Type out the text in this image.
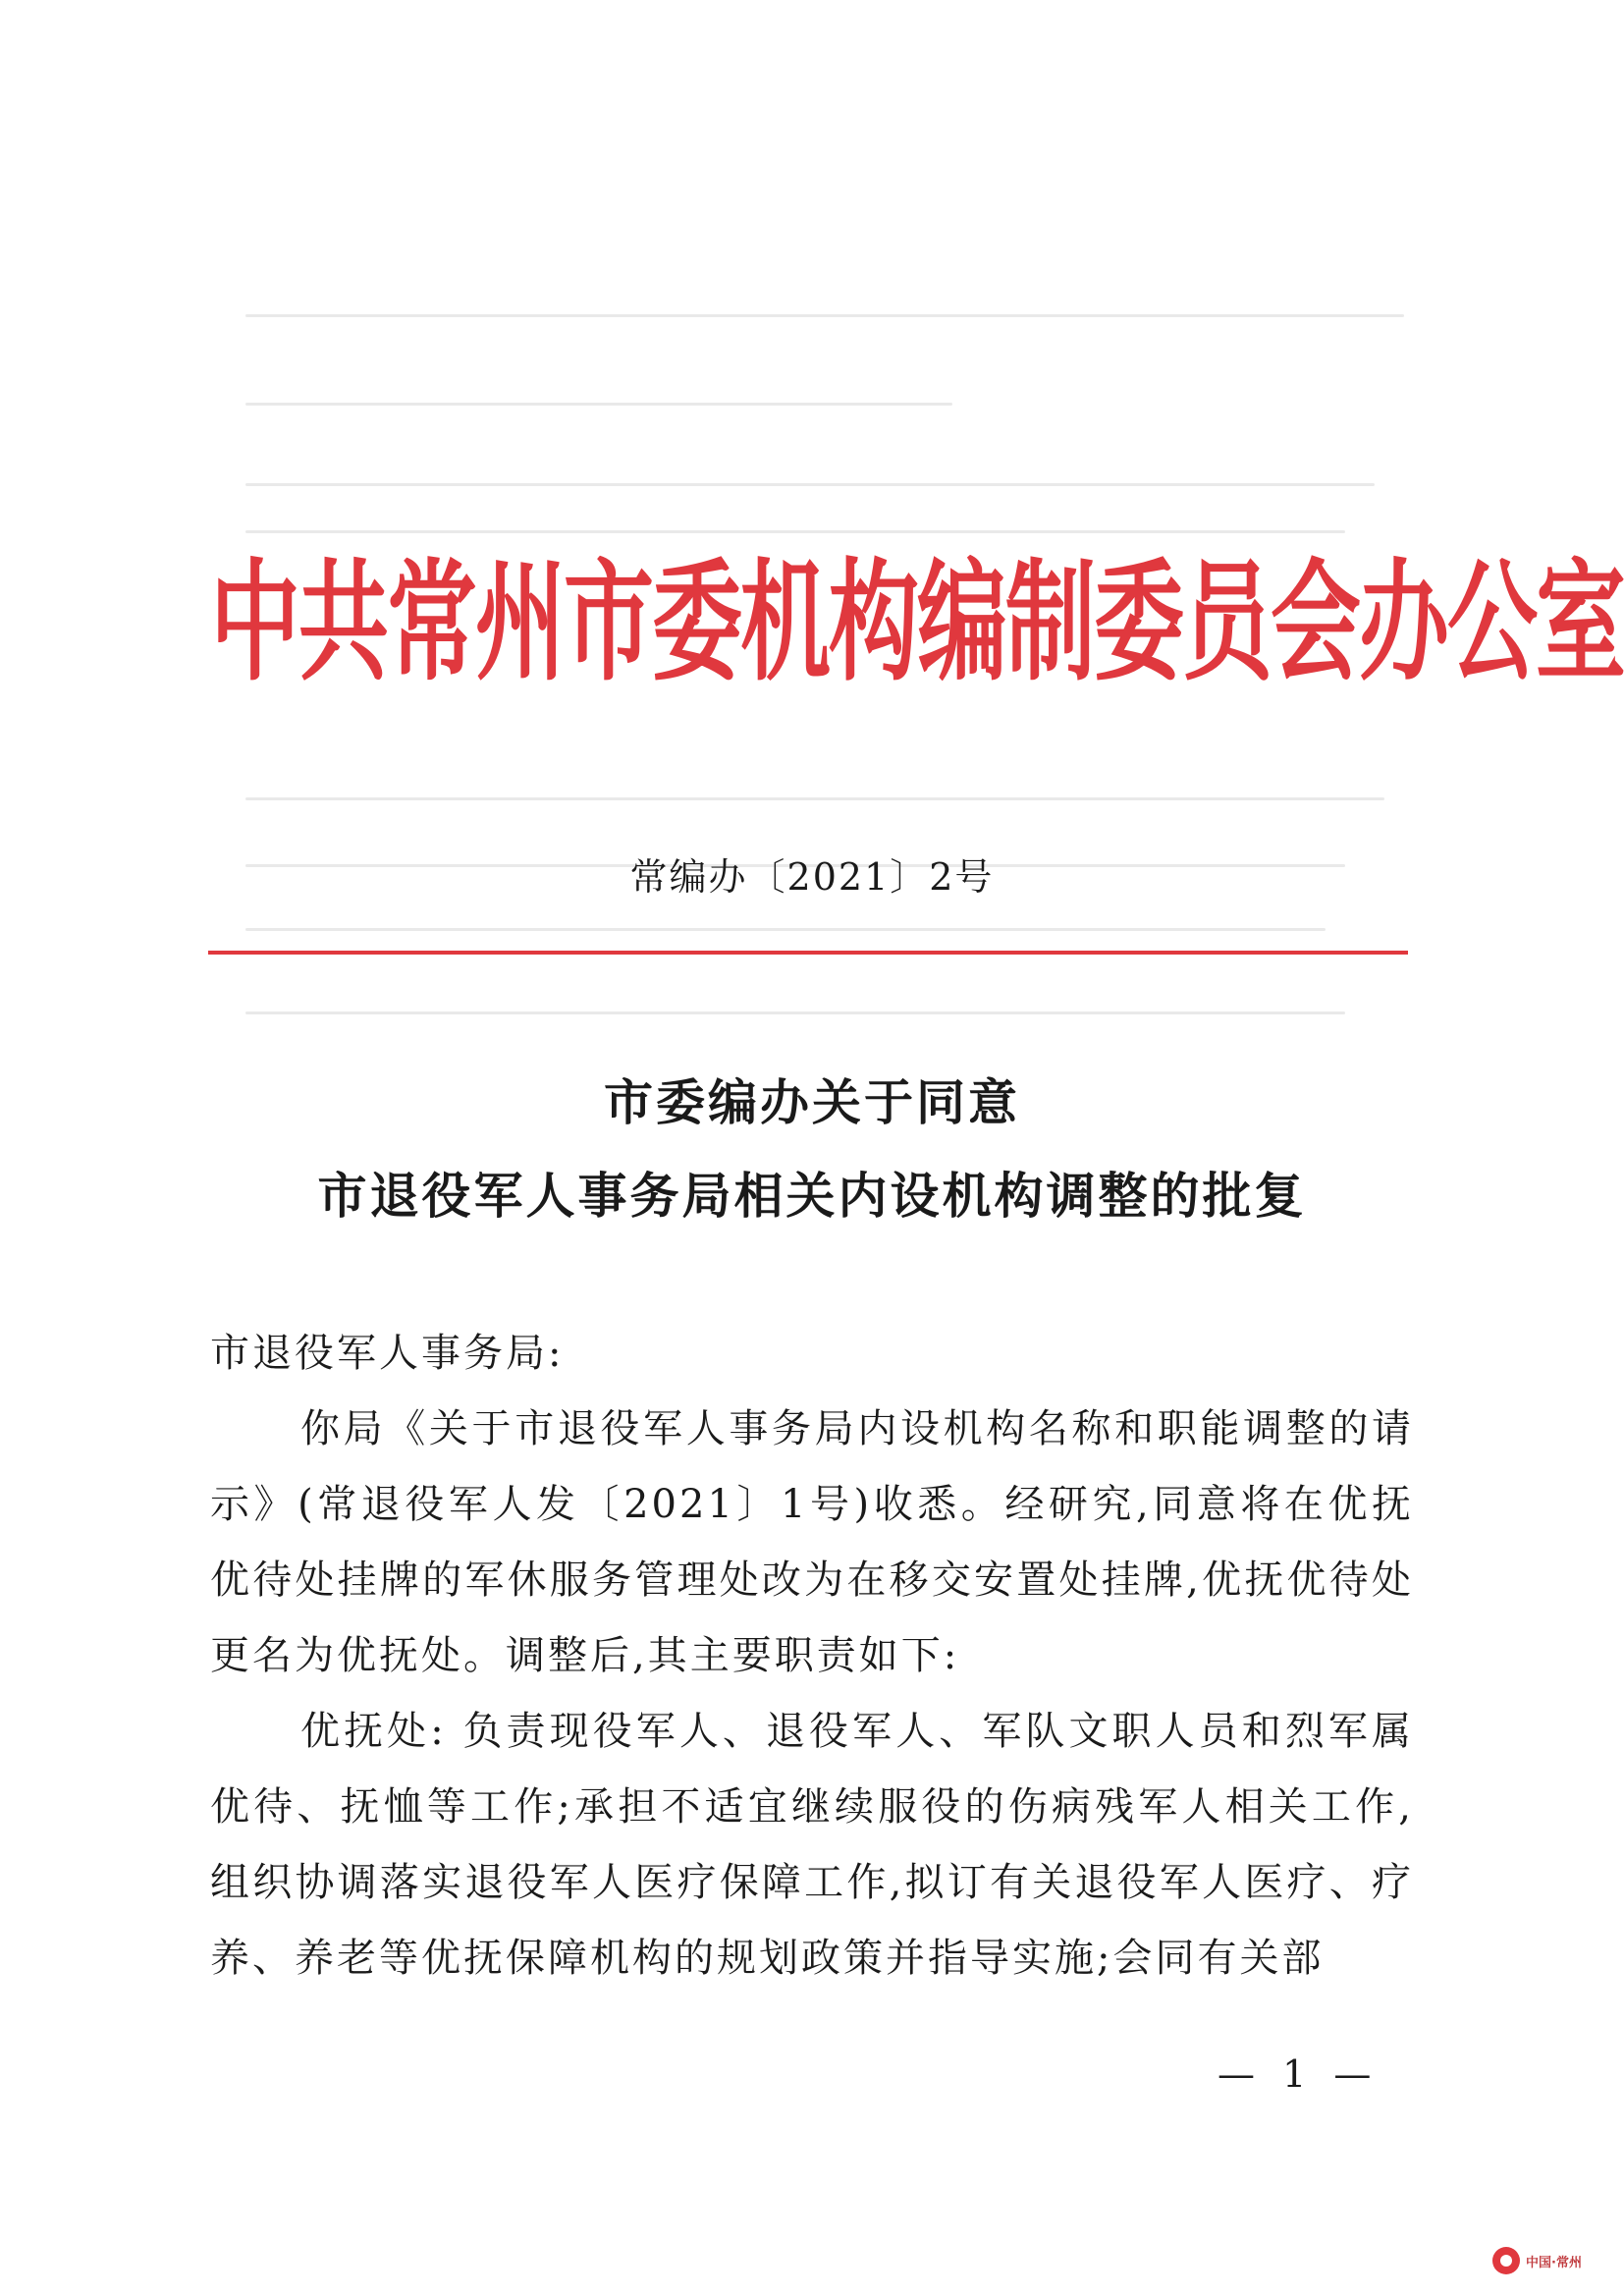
中共常州市委机构编制委员会办公室
常编办〔2021〕2号
市委编办关于同意
市退役军人事务局相关内设机构调整的批复

市退役军人事务局:

你局《关于市退役军人事务局内设机构名称和职能调整的请示》(常退役军人发〔2021〕1号)收悉。经研究,同意将在优抚优待处挂牌的军休服务管理处改为在移交安置处挂牌,优抚优待处更名为优抚处。调整后,其主要职责如下:

优抚处: 负责现役军人、退役军人、军队文职人员和烈军属优待、抚恤等工作;承担不适宜继续服役的伤病残军人相关工作,组织协调落实退役军人医疗保障工作,拟订有关退役军人医疗、疗养、养老等优抚保障机构的规划政策并指导实施;会同有关部

— 1 —
中国·常州
